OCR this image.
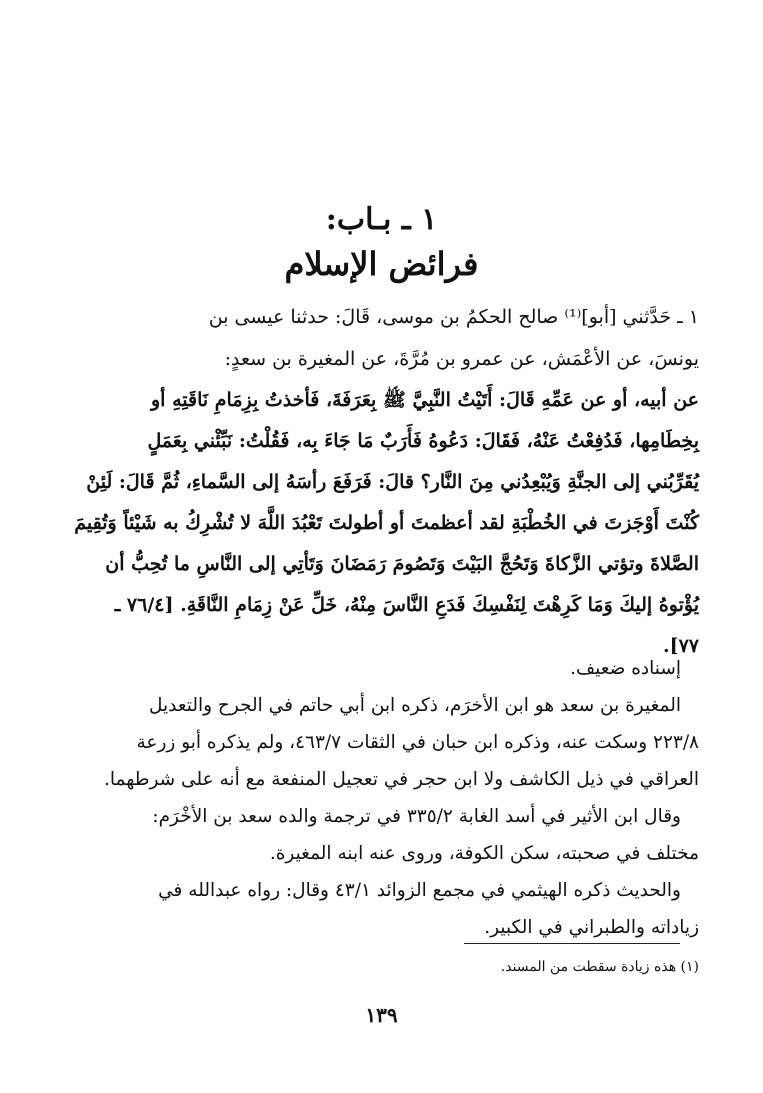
١ ـ بـاب:
فرائض الإسلام
١ ـ حَدَّثني [أبو]⁽¹⁾ صالح الحكمُ بن موسى، قَالَ: حدثنا عيسى بن
يونسَ، عن الأعْمَش، عن عمرو بن مُرَّةَ، عن المغيرة بن سعدٍ:
عن أبيه، أو عن عَمِّهِ قَالَ: أَتَيْتُ النَّبِيَّ ﷺ بِعَرَفَةَ، فَأخذتُ بِزِمَامِ نَاقَتِهِ أو
بِخِطَامِها، فَدُفِعْتُ عَنْهُ، فَقَالَ: دَعُوهُ فَأَرَبٌ مَا جَاءَ بِه، فَقُلْتُ: نَبِّئْني بِعَمَلٍ
يُقَرِّبُني إلى الجنَّةِ وَيُبْعِدُني مِنَ النَّار؟ قالَ: فَرَفَعَ رأسَهُ إلى السَّماءِ، ثُمَّ قَالَ: لَئِنْ
كُنْتَ أَوْجَزتَ في الخُطْبَةِ لقد أعظمتَ أو أطولتَ تَعْبُدَ اللَّهَ لا تُشْرِكُ به شَيْئاً وَتُقِيمَ
الصَّلاةَ وتؤتي الزَّكاةَ وَتَحُجَّ البَيْتَ وَتَصُومَ رَمَضَانَ وَتَأتِي إلى النَّاسِ ما تُحِبُّ أن
يُؤْتوهُ إليكَ وَمَا كَرِهْتَ لِنَفْسِكَ فَدَعِ النَّاسَ مِنْهُ، خَلِّ عَنْ زِمَامِ النَّاقَةِ. [٧٦/٤ ـ
٧٧].
إسناده ضعيف.
المغيرة بن سعد هو ابن الأخرَم، ذكره ابن أبي حاتم في الجرح والتعديل
٢٢٣/٨ وسكت عنه، وذكره ابن حبان في الثقات ٤٦٣/٧، ولم يذكره أبو زرعة
العراقي في ذيل الكاشف ولا ابن حجر في تعجيل المنفعة مع أنه على شرطهما.
وقال ابن الأثير في أسد الغابة ٣٣٥/٢ في ترجمة والده سعد بن الأخْرَم:
مختلف في صحبته، سكن الكوفة، وروى عنه ابنه المغيرة.
والحديث ذكره الهيثمي في مجمع الزوائد ٤٣/١ وقال: رواه عبدالله في
زياداته والطبراني في الكبير.
(١) هذه زيادة سقطت من المسند.
١٣٩
